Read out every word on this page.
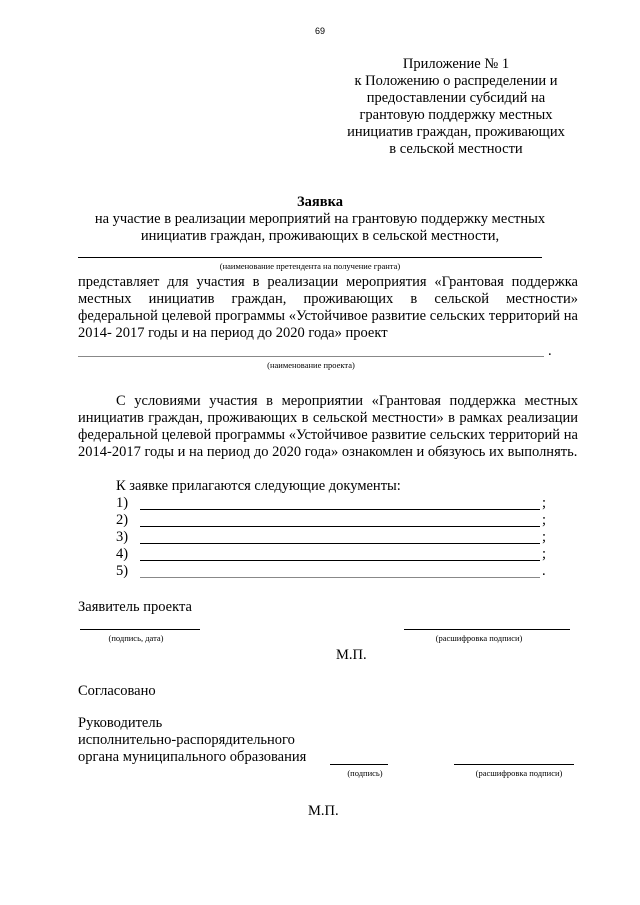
69
Приложение № 1
к Положению о распределении и
предоставлении субсидий на
грантовую поддержку местных
инициатив граждан, проживающих
в сельской местности
Заявка
на участие в реализации мероприятий на грантовую поддержку местных
инициатив граждан, проживающих в сельской местности,
(наименование претендента на получение гранта)

представляет для участия в реализации мероприятия «Грантовая поддержка местных инициатив граждан, проживающих в сельской местности» федеральной целевой программы «Устойчивое развитие сельских территорий на 2014- 2017 годы и на период до 2020 года» проект

.
(наименование проекта)

С условиями участия в мероприятии «Грантовая поддержка местных инициатив граждан, проживающих в сельской местности» в рамках реализации федеральной целевой программы «Устойчивое развитие сельских территорий на 2014-2017 годы и на период до 2020 года» ознакомлен и обязуюсь их выполнять.

К заявке прилагаются следующие документы:
1)	;
2)	;
3)	;
4)	;
5)	.
Заявитель проекта
(подпись, дата)	(расшифровка подписи)
М.П.
Согласовано
Руководитель
исполнительно-распорядительного
органа муниципального образования
(подпись)	(расшифровка подписи)
М.П.
